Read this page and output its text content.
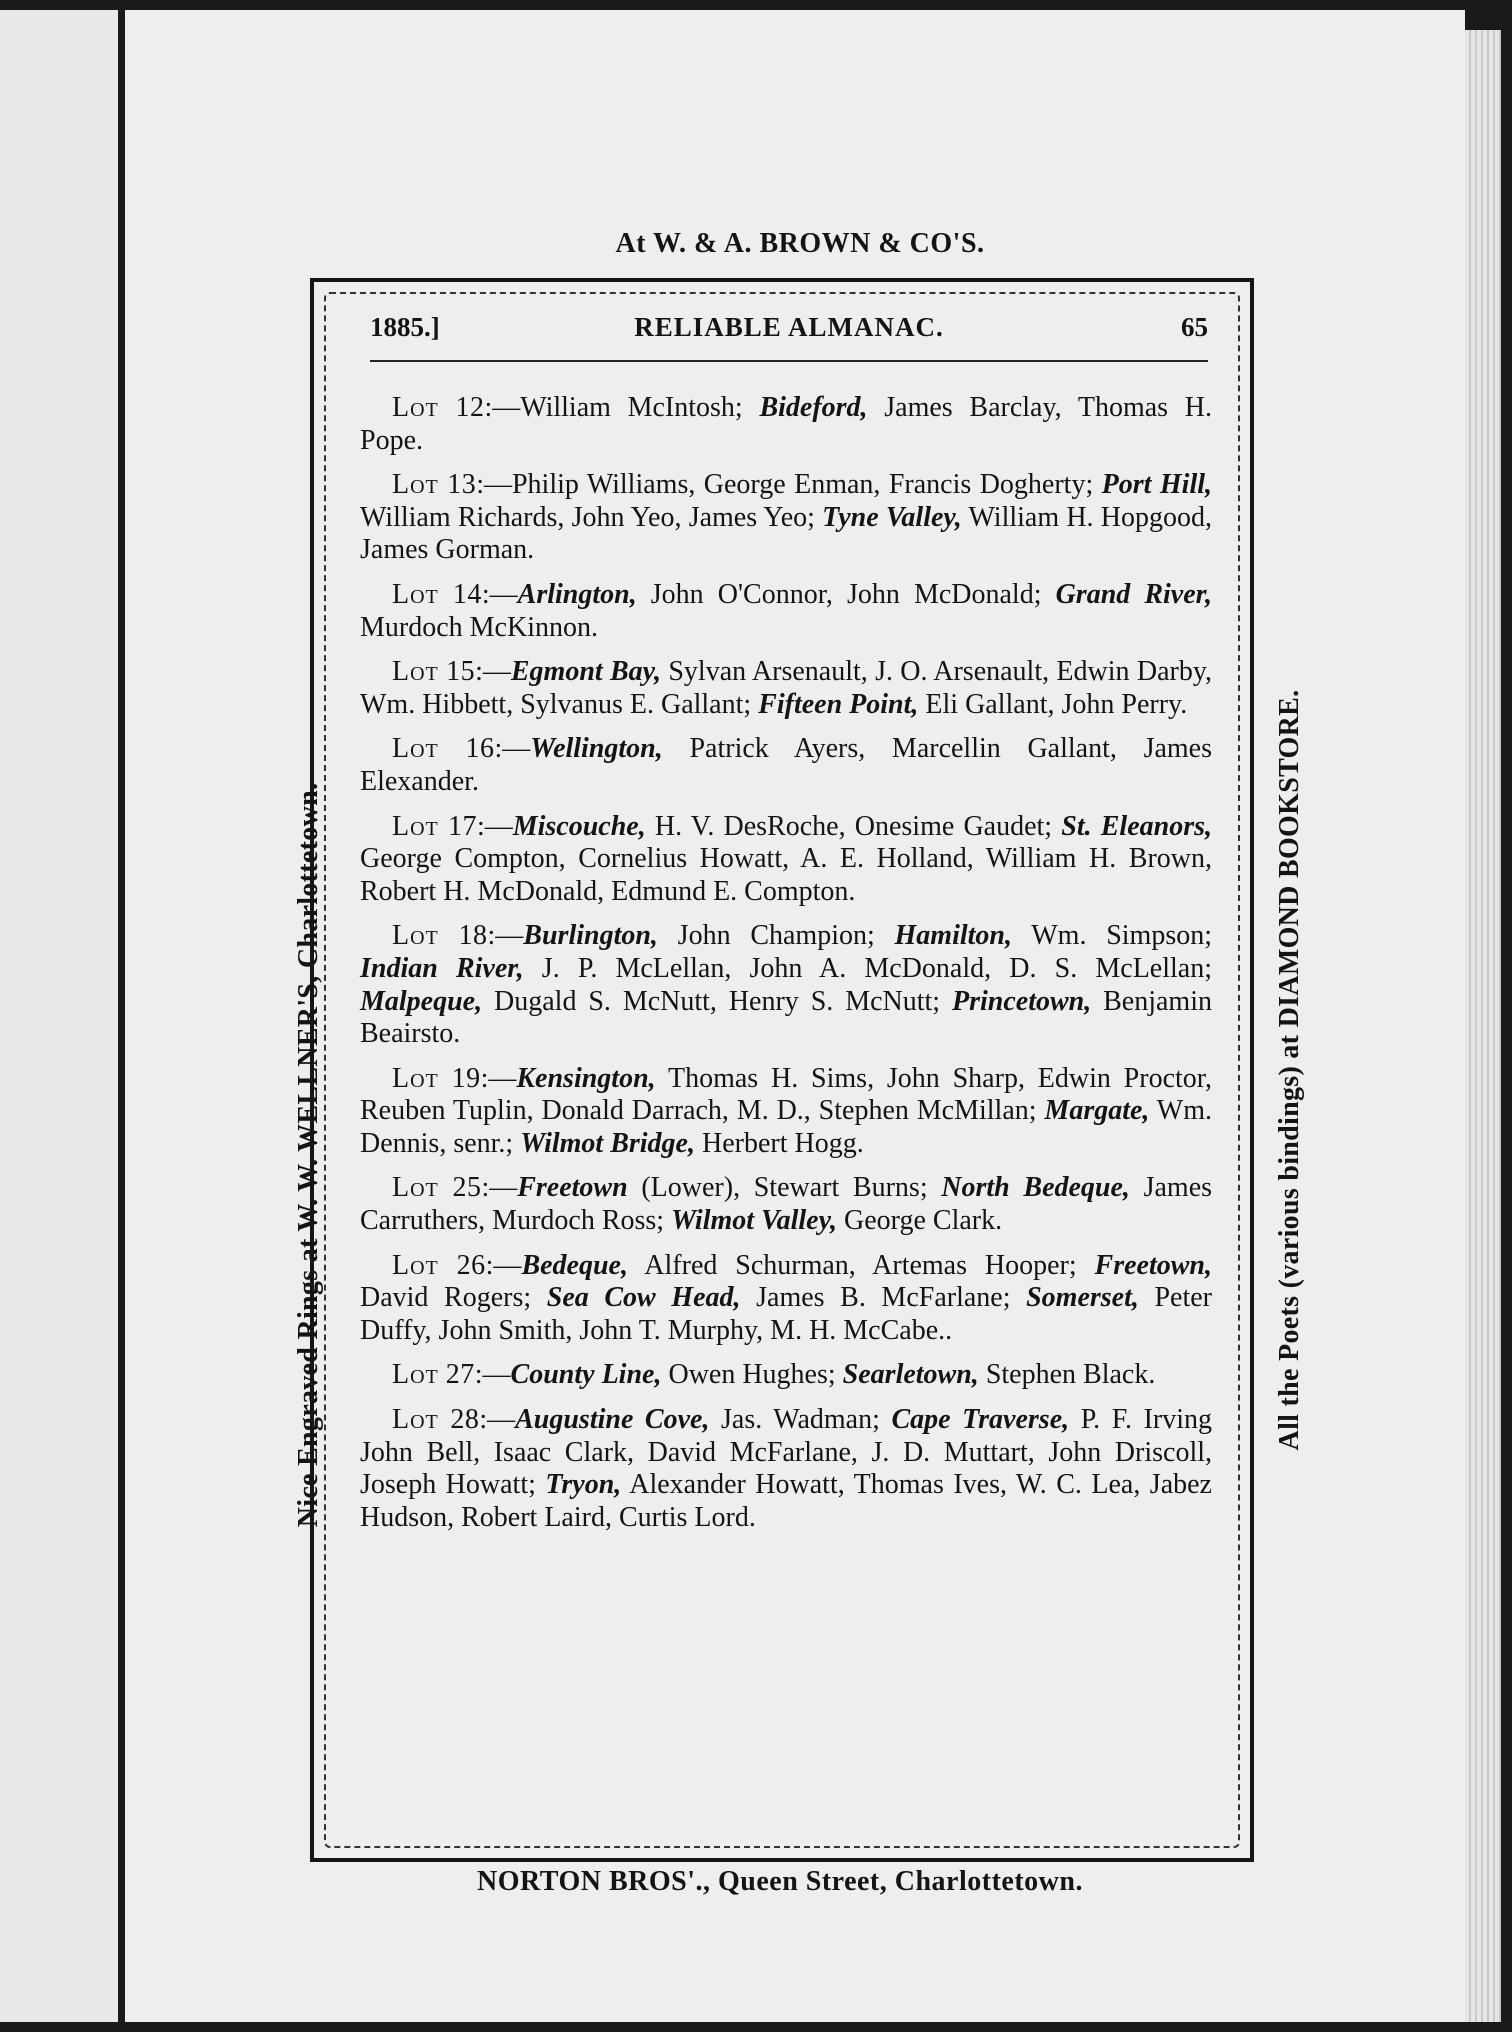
At W. & A. BROWN & CO'S.
Nice Engraved Rings at W. W. WELLNER'S, Charlottetown.	All the Poets (various bindings) at DIAMOND BOOKSTORE.
1885.]	RELIABLE ALMANAC.	65

Lot 12:—William McIntosh; Bideford, James Barclay, Thomas H. Pope.

Lot 13:—Philip Williams, George Enman, Francis Dogherty; Port Hill, William Richards, John Yeo, James Yeo; Tyne Valley, William H. Hopgood, James Gorman.

Lot 14:—Arlington, John O'Connor, John McDonald; Grand River, Murdoch McKinnon.

Lot 15:—Egmont Bay, Sylvan Arsenault, J. O. Arsenault, Edwin Darby, Wm. Hibbett, Sylvanus E. Gallant; Fifteen Point, Eli Gallant, John Perry.

Lot 16:—Wellington, Patrick Ayers, Marcellin Gallant, James Elexander.

Lot 17:—Miscouche, H. V. DesRoche, Onesime Gaudet; St. Eleanors, George Compton, Cornelius Howatt, A. E. Holland, William H. Brown, Robert H. McDonald, Edmund E. Compton.

Lot 18:—Burlington, John Champion; Hamilton, Wm. Simpson; Indian River, J. P. McLellan, John A. McDonald, D. S. McLellan; Malpeque, Dugald S. McNutt, Henry S. McNutt; Princetown, Benjamin Beairsto.

Lot 19:—Kensington, Thomas H. Sims, John Sharp, Edwin Proctor, Reuben Tuplin, Donald Darrach, M. D., Stephen McMillan; Margate, Wm. Dennis, senr.; Wilmot Bridge, Herbert Hogg.

Lot 25:—Freetown (Lower), Stewart Burns; North Bedeque, James Carruthers, Murdoch Ross; Wilmot Valley, George Clark.

Lot 26:—Bedeque, Alfred Schurman, Artemas Hooper; Freetown, David Rogers; Sea Cow Head, James B. McFarlane; Somerset, Peter Duffy, John Smith, John T. Murphy, M. H. McCabe..

Lot 27:—County Line, Owen Hughes; Searletown, Stephen Black.

Lot 28:—Augustine Cove, Jas. Wadman; Cape Traverse, P. F. Irving John Bell, Isaac Clark, David McFarlane, J. D. Muttart, John Driscoll, Joseph Howatt; Tryon, Alexander Howatt, Thomas Ives, W. C. Lea, Jabez Hudson, Robert Laird, Curtis Lord.

NORTON BROS'., Queen Street, Charlottetown.
